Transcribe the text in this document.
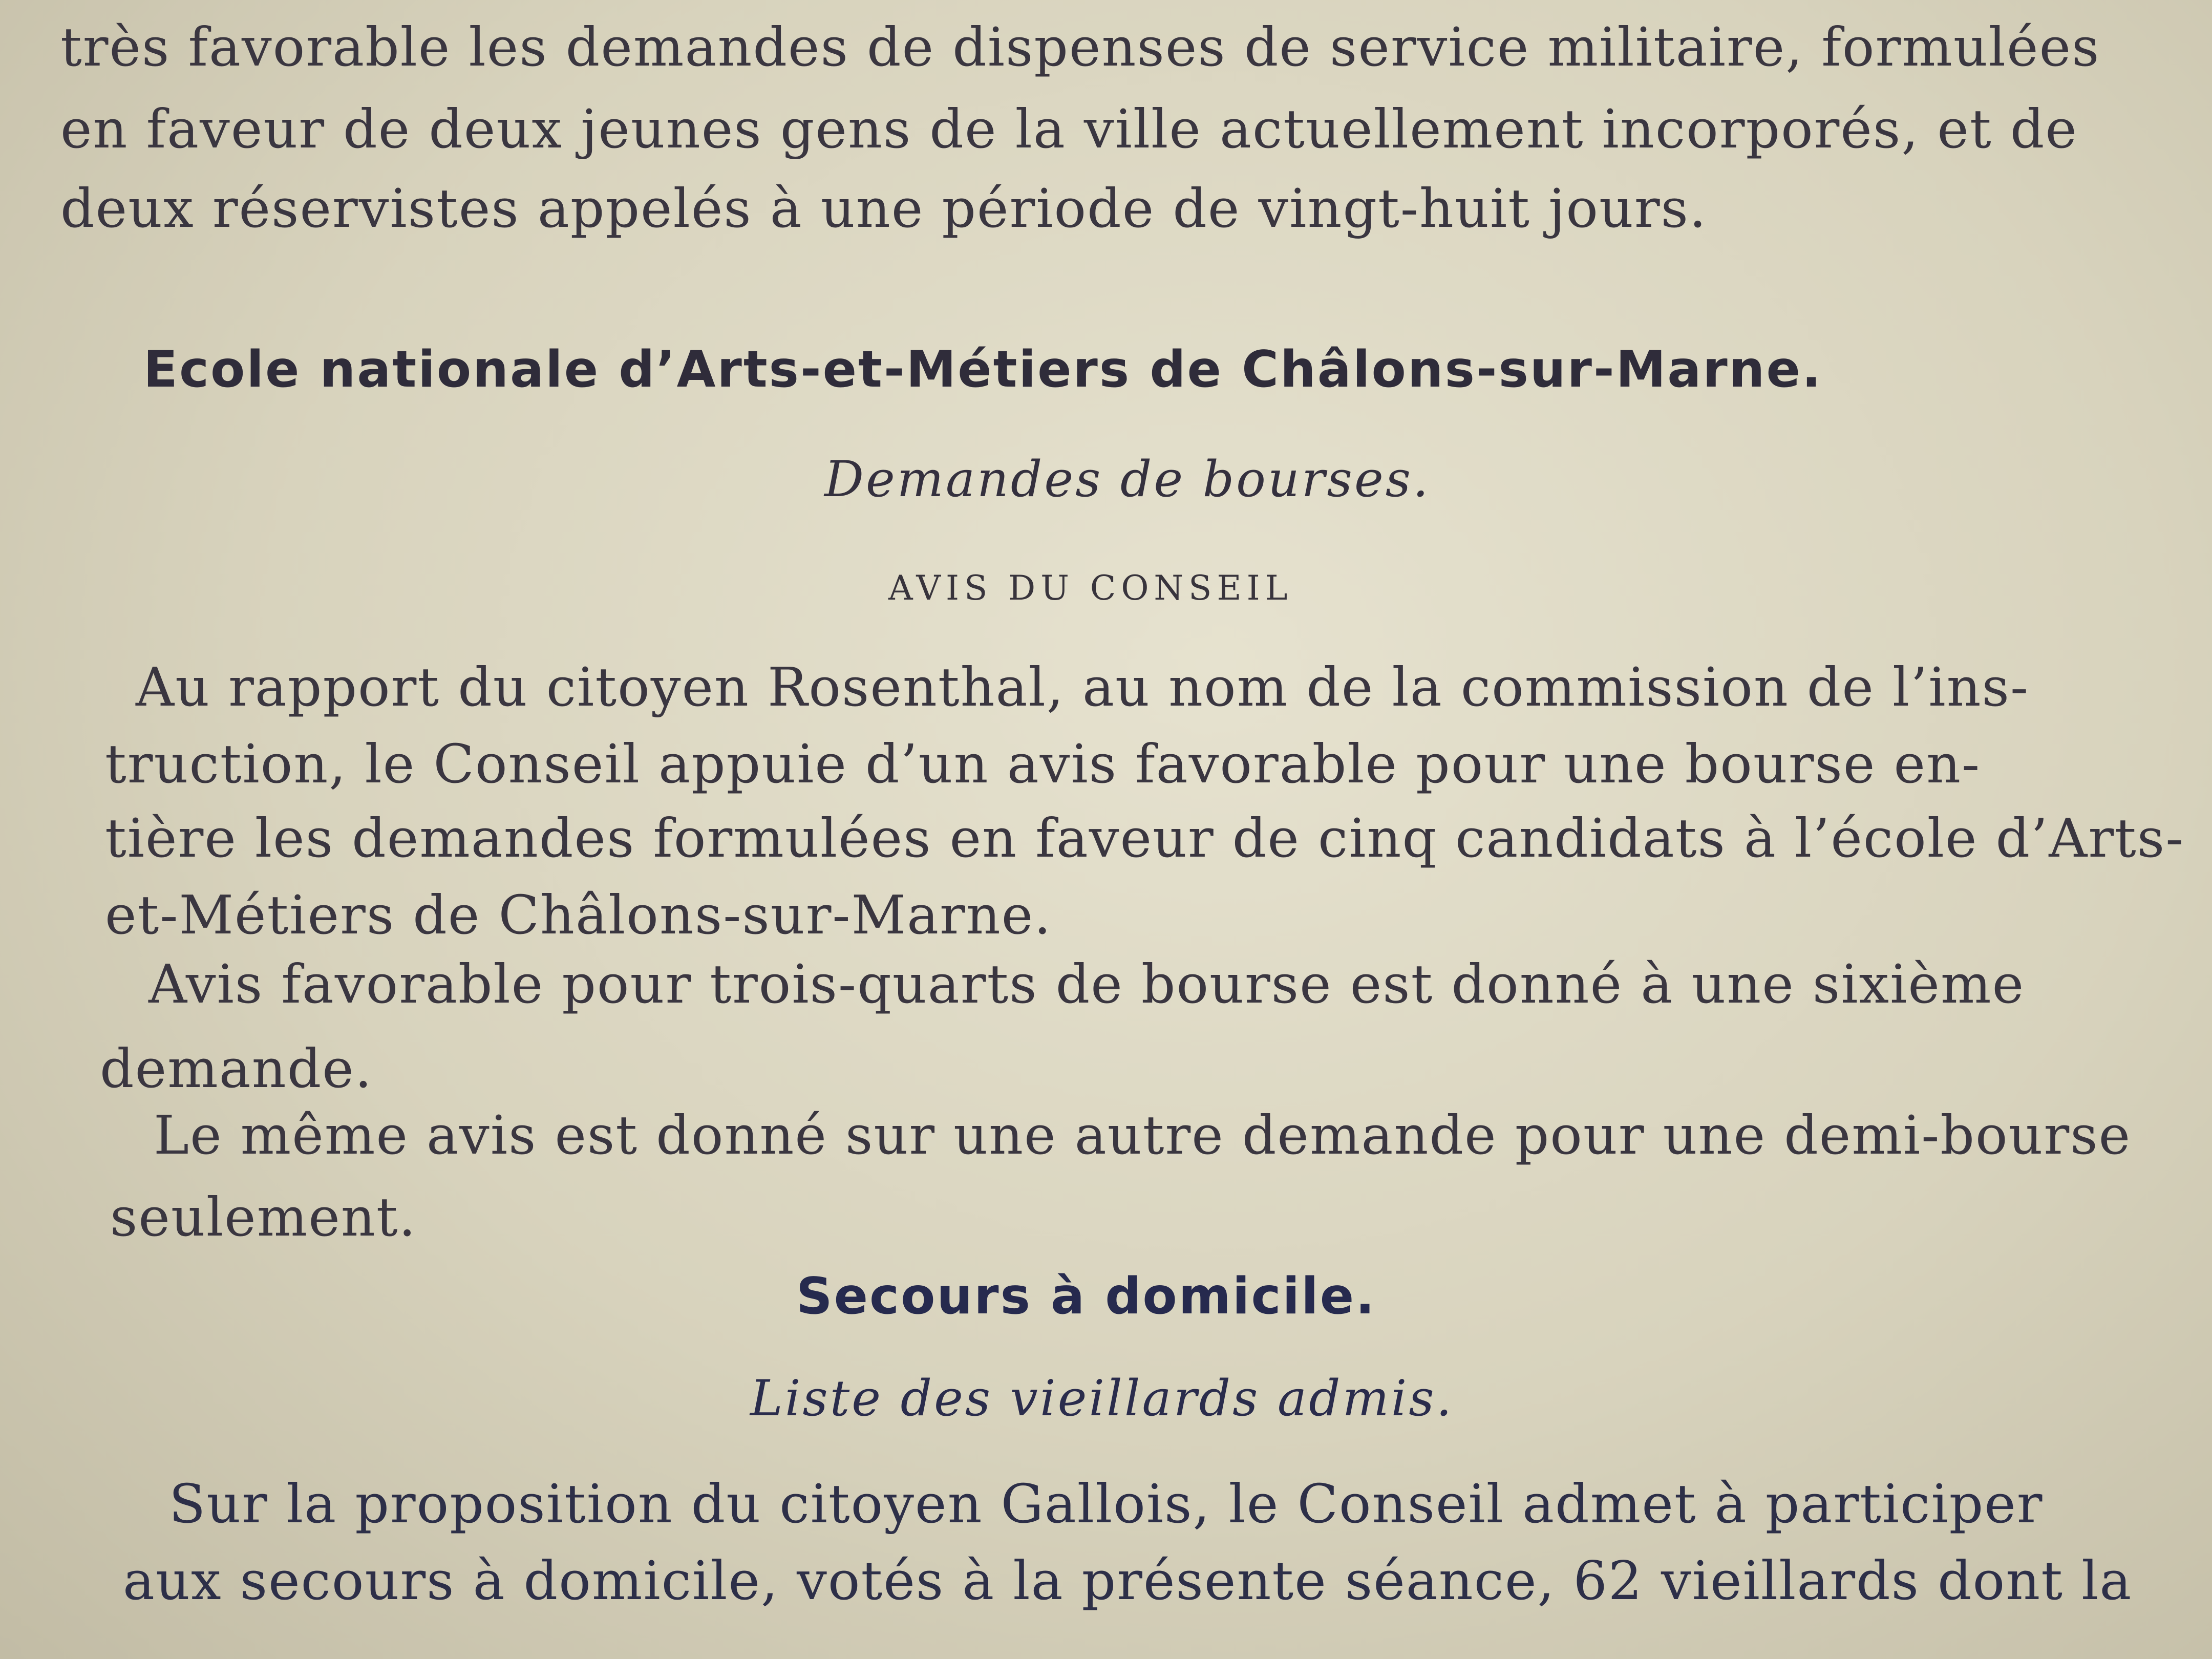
très favorable les demandes de dispenses de service militaire, formulées
en faveur de deux jeunes gens de la ville actuellement incorporés, et de
deux réservistes appelés à une période de vingt-huit jours.
Ecole nationale d’Arts-et-Métiers de Châlons-sur-Marne.
Demandes de bourses.
AVIS DU CONSEIL
Au rapport du citoyen Rosenthal, au nom de la commission de l’ins-
truction, le Conseil appuie d’un avis favorable pour une bourse en-
tière les demandes formulées en faveur de cinq candidats à l’école d’Arts-
et-Métiers de Châlons-sur-Marne.
Avis favorable pour trois-quarts de bourse est donné à une sixième
demande.
Le même avis est donné sur une autre demande pour une demi-bourse
seulement.
Secours à domicile.
Liste des vieillards admis.
Sur la proposition du citoyen Gallois, le Conseil admet à participer
aux secours à domicile, votés à la présente séance, 62 vieillards dont la
